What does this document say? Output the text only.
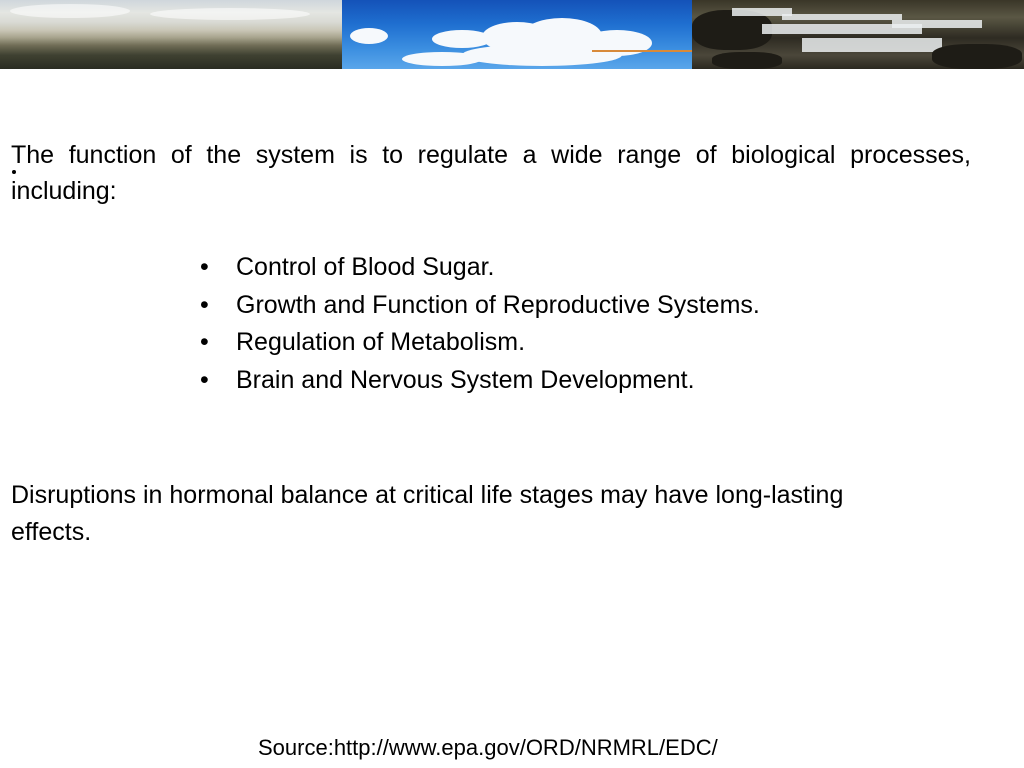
The function of the system is to regulate a wide range of biological processes, including:

• Control of Blood Sugar.
• Growth and Function of Reproductive Systems.
• Regulation of Metabolism.
• Brain and Nervous System Development.

Disruptions in hormonal balance at critical life stages may have long-lasting effects.

Source:http://www.epa.gov/ORD/NRMRL/EDC/
